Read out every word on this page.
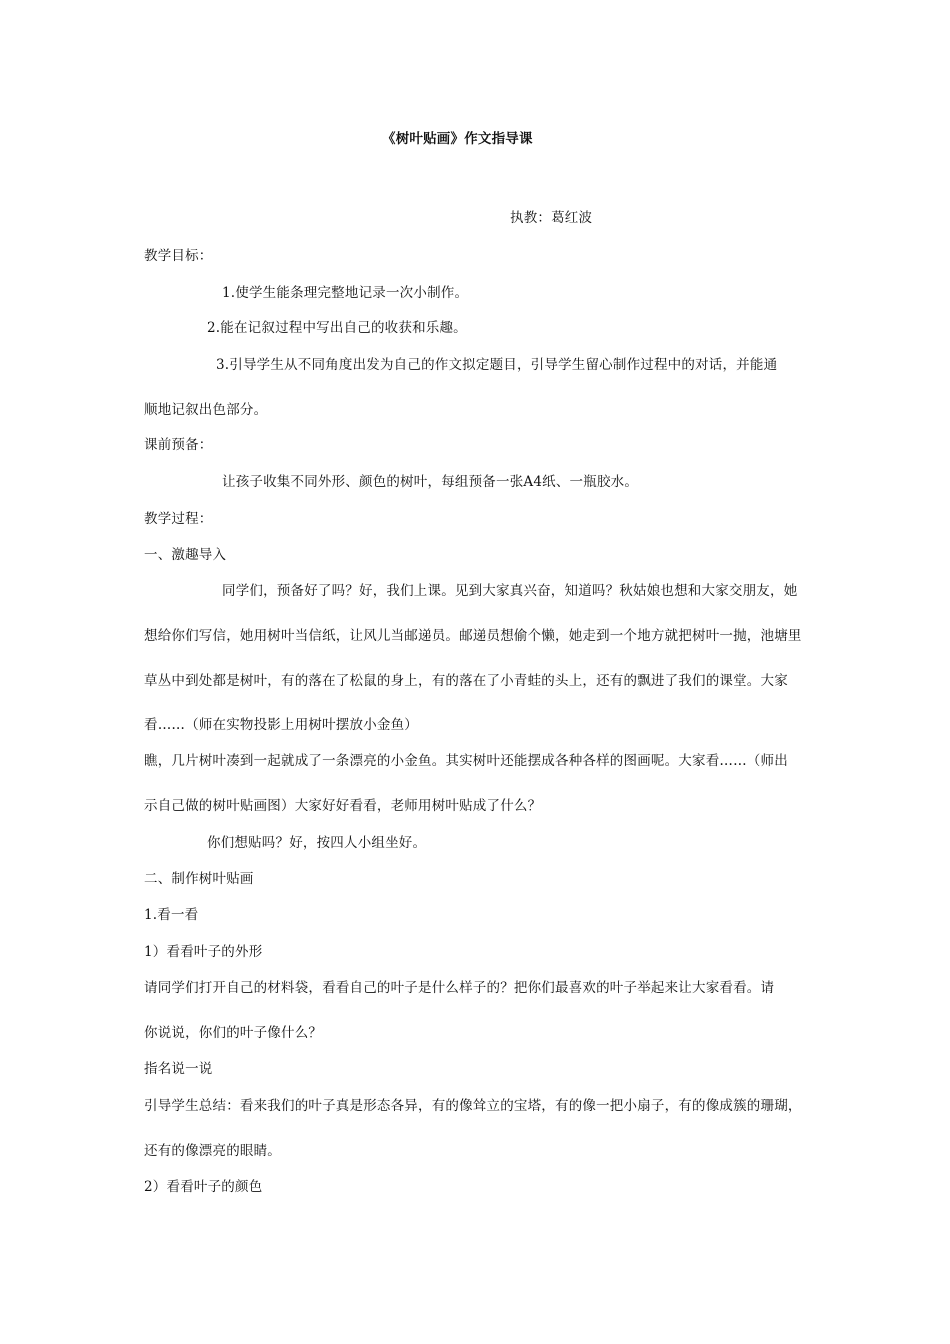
《树叶贴画》作文指导课
执教：葛红波
教学目标：
1.使学生能条理完整地记录一次小制作。
2.能在记叙过程中写出自己的收获和乐趣。
3.引导学生从不同角度出发为自己的作文拟定题目，引导学生留心制作过程中的对话，并能通
顺地记叙出色部分。
课前预备：
让孩子收集不同外形、颜色的树叶，每组预备一张A4纸、一瓶胶水。
教学过程：
一、激趣导入
同学们，预备好了吗？好，我们上课。见到大家真兴奋，知道吗？秋姑娘也想和大家交朋友，她
想给你们写信，她用树叶当信纸，让风儿当邮递员。邮递员想偷个懒，她走到一个地方就把树叶一抛，池塘里
草丛中到处都是树叶，有的落在了松鼠的身上，有的落在了小青蛙的头上，还有的飘进了我们的课堂。大家
看……（师在实物投影上用树叶摆放小金鱼）
瞧，几片树叶凑到一起就成了一条漂亮的小金鱼。其实树叶还能摆成各种各样的图画呢。大家看……（师出
示自己做的树叶贴画图）大家好好看看，老师用树叶贴成了什么？
你们想贴吗？好，按四人小组坐好。
二、制作树叶贴画
1.看一看
1）看看叶子的外形
请同学们打开自己的材料袋，看看自己的叶子是什么样子的？把你们最喜欢的叶子举起来让大家看看。请
你说说，你们的叶子像什么？
指名说一说
引导学生总结：看来我们的叶子真是形态各异，有的像耸立的宝塔，有的像一把小扇子，有的像成簇的珊瑚，
还有的像漂亮的眼睛。
2）看看叶子的颜色
